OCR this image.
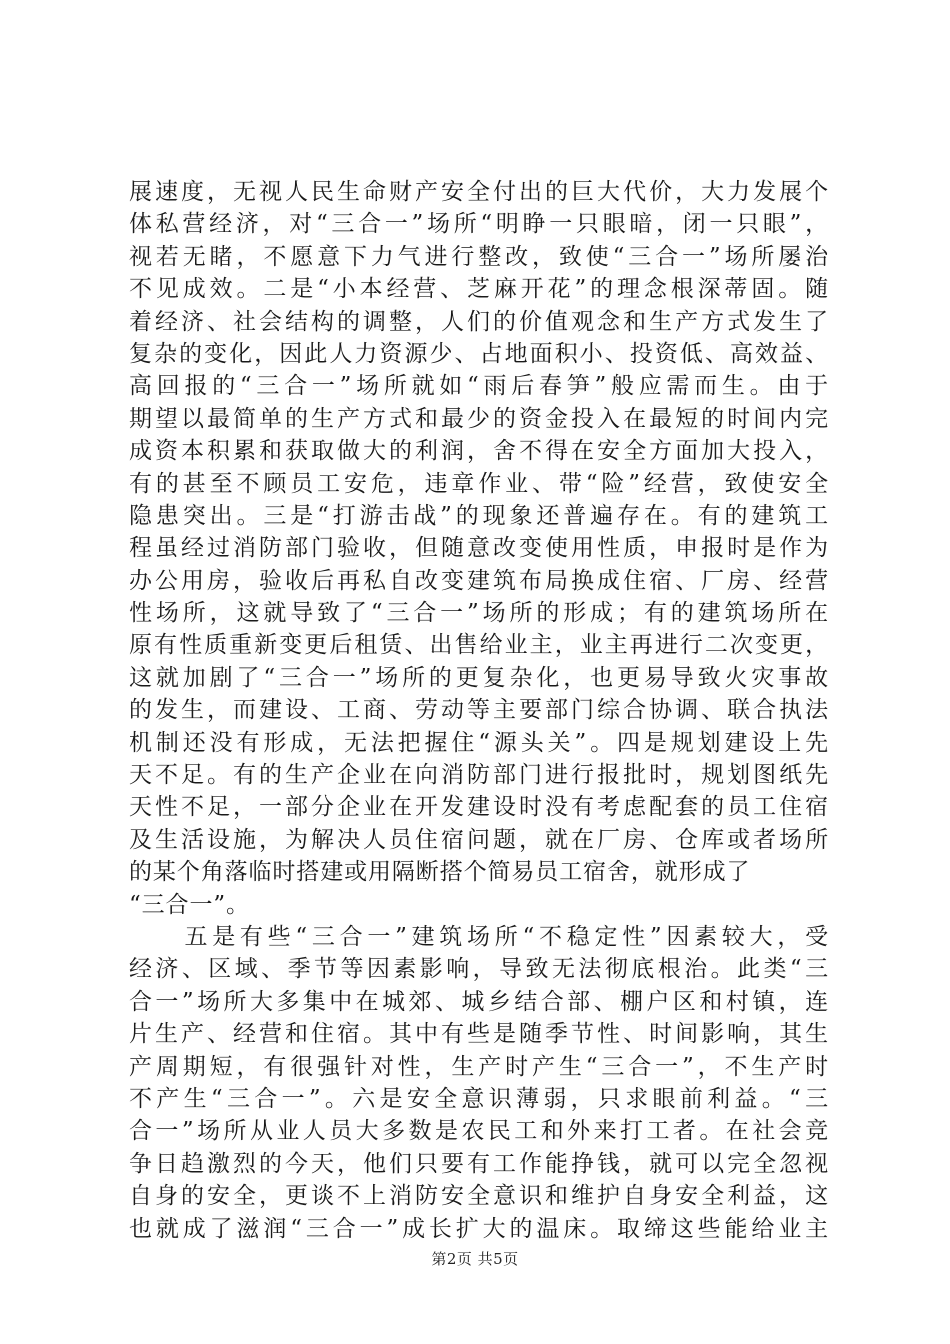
展速度，无视人民生命财产安全付出的巨大代价，大力发展个
体私营经济，对“三合一”场所“明睁一只眼暗，闭一只眼”，
视若无睹，不愿意下力气进行整改，致使“三合一”场所屡治
不见成效。二是“小本经营、芝麻开花”的理念根深蒂固。随
着经济、社会结构的调整，人们的价值观念和生产方式发生了
复杂的变化，因此人力资源少、占地面积小、投资低、高效益、
高回报的“三合一”场所就如“雨后春笋”般应需而生。由于
期望以最简单的生产方式和最少的资金投入在最短的时间内完
成资本积累和获取做大的利润，舍不得在安全方面加大投入，
有的甚至不顾员工安危，违章作业、带“险”经营，致使安全
隐患突出。三是“打游击战”的现象还普遍存在。有的建筑工
程虽经过消防部门验收，但随意改变使用性质，申报时是作为
办公用房，验收后再私自改变建筑布局换成住宿、厂房、经营
性场所，这就导致了“三合一”场所的形成；有的建筑场所在
原有性质重新变更后租赁、出售给业主，业主再进行二次变更，
这就加剧了“三合一”场所的更复杂化，也更易导致火灾事故
的发生，而建设、工商、劳动等主要部门综合协调、联合执法
机制还没有形成，无法把握住“源头关”。四是规划建设上先
天不足。有的生产企业在向消防部门进行报批时，规划图纸先
天性不足，一部分企业在开发建设时没有考虑配套的员工住宿
及生活设施，为解决人员住宿问题，就在厂房、仓库或者场所
的某个角落临时搭建或用隔断搭个简易员工宿舍，就形成了
“三合一”。
　　五是有些“三合一”建筑场所“不稳定性”因素较大，受
经济、区域、季节等因素影响，导致无法彻底根治。此类“三
合一”场所大多集中在城郊、城乡结合部、棚户区和村镇，连
片生产、经营和住宿。其中有些是随季节性、时间影响，其生
产周期短，有很强针对性，生产时产生“三合一”，不生产时
不产生“三合一”。六是安全意识薄弱，只求眼前利益。“三
合一”场所从业人员大多数是农民工和外来打工者。在社会竞
争日趋激烈的今天，他们只要有工作能挣钱，就可以完全忽视
自身的安全，更谈不上消防安全意识和维护自身安全利益，这
也就成了滋润“三合一”成长扩大的温床。取缔这些能给业主
第2页 共5页
